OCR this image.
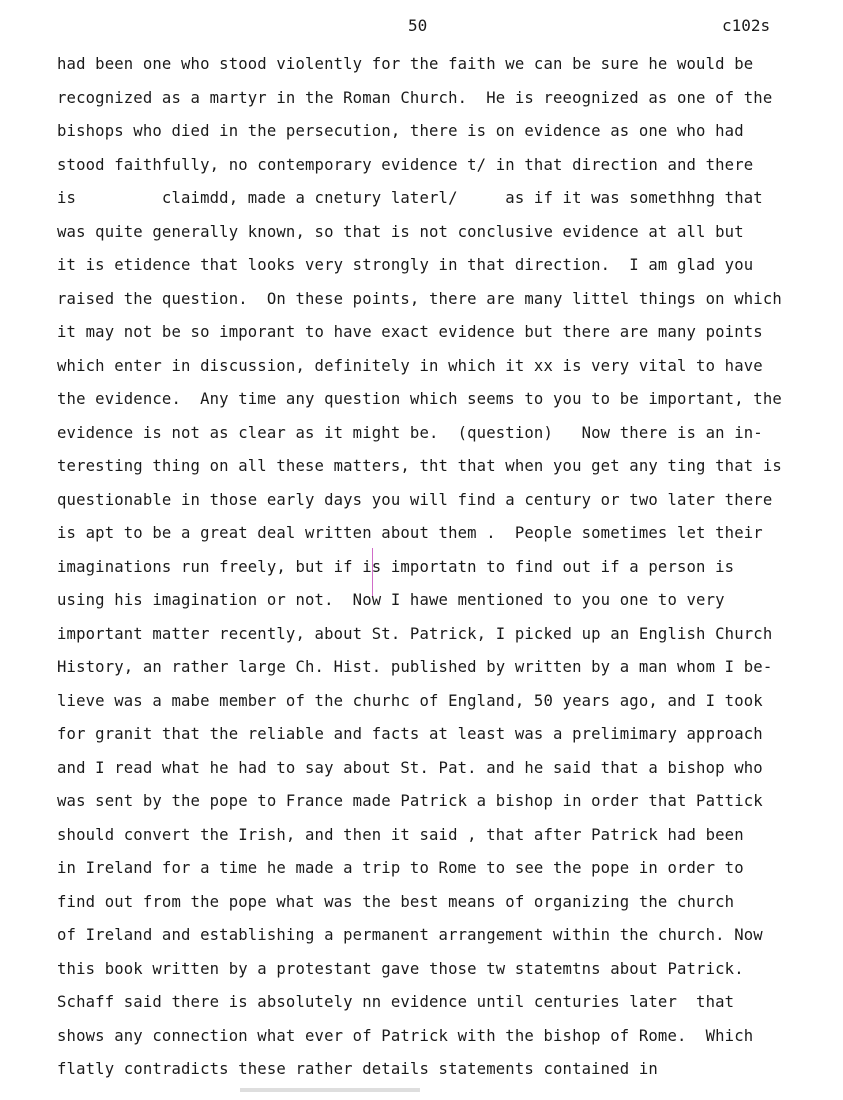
50	c102s
had been one who stood violently for the faith we can be sure he would be
recognized as a martyr in the Roman Church.  He is reeognized as one of the
bishops who died in the persecution, there is on evidence as one who had
stood faithfully, no contemporary evidence t/ in that direction and there
is         claimdd, made a cnetury laterl/     as if it was somethhng that
was quite generally known, so that is not conclusive evidence at all but
it is etidence that looks very strongly in that direction.  I am glad you
raised the question.  On these points, there are many littel things on which
it may not be so imporant to have exact evidence but there are many points
which enter in discussion, definitely in which it xx is very vital to have
the evidence.  Any time any question which seems to you to be important, the
evidence is not as clear as it might be.  (question)   Now there is an in-
teresting thing on all these matters, tht that when you get any ting that is
questionable in those early days you will find a century or two later there
is apt to be a great deal written about them .  People sometimes let their
imaginations run freely, but if is importatn to find out if a person is
using his imagination or not.  Now I hawe mentioned to you one to very
important matter recently, about St. Patrick, I picked up an English Church
History, an rather large Ch. Hist. published by written by a man whom I be-
lieve was a mabe member of the churhc of England, 50 years ago, and I took
for granit that the reliable and facts at least was a prelimimary approach
and I read what he had to say about St. Pat. and he said that a bishop who
was sent by the pope to France made Patrick a bishop in order that Pattick
should convert the Irish, and then it said , that after Patrick had been
in Ireland for a time he made a trip to Rome to see the pope in order to
find out from the pope what was the best means of organizing the church
of Ireland and establishing a permanent arrangement within the church. Now
this book written by a protestant gave those tw statemtns about Patrick.
Schaff said there is absolutely nn evidence until centuries later  that
shows any connection what ever of Patrick with the bishop of Rome.  Which
flatly contradicts these rather details statements contained in
